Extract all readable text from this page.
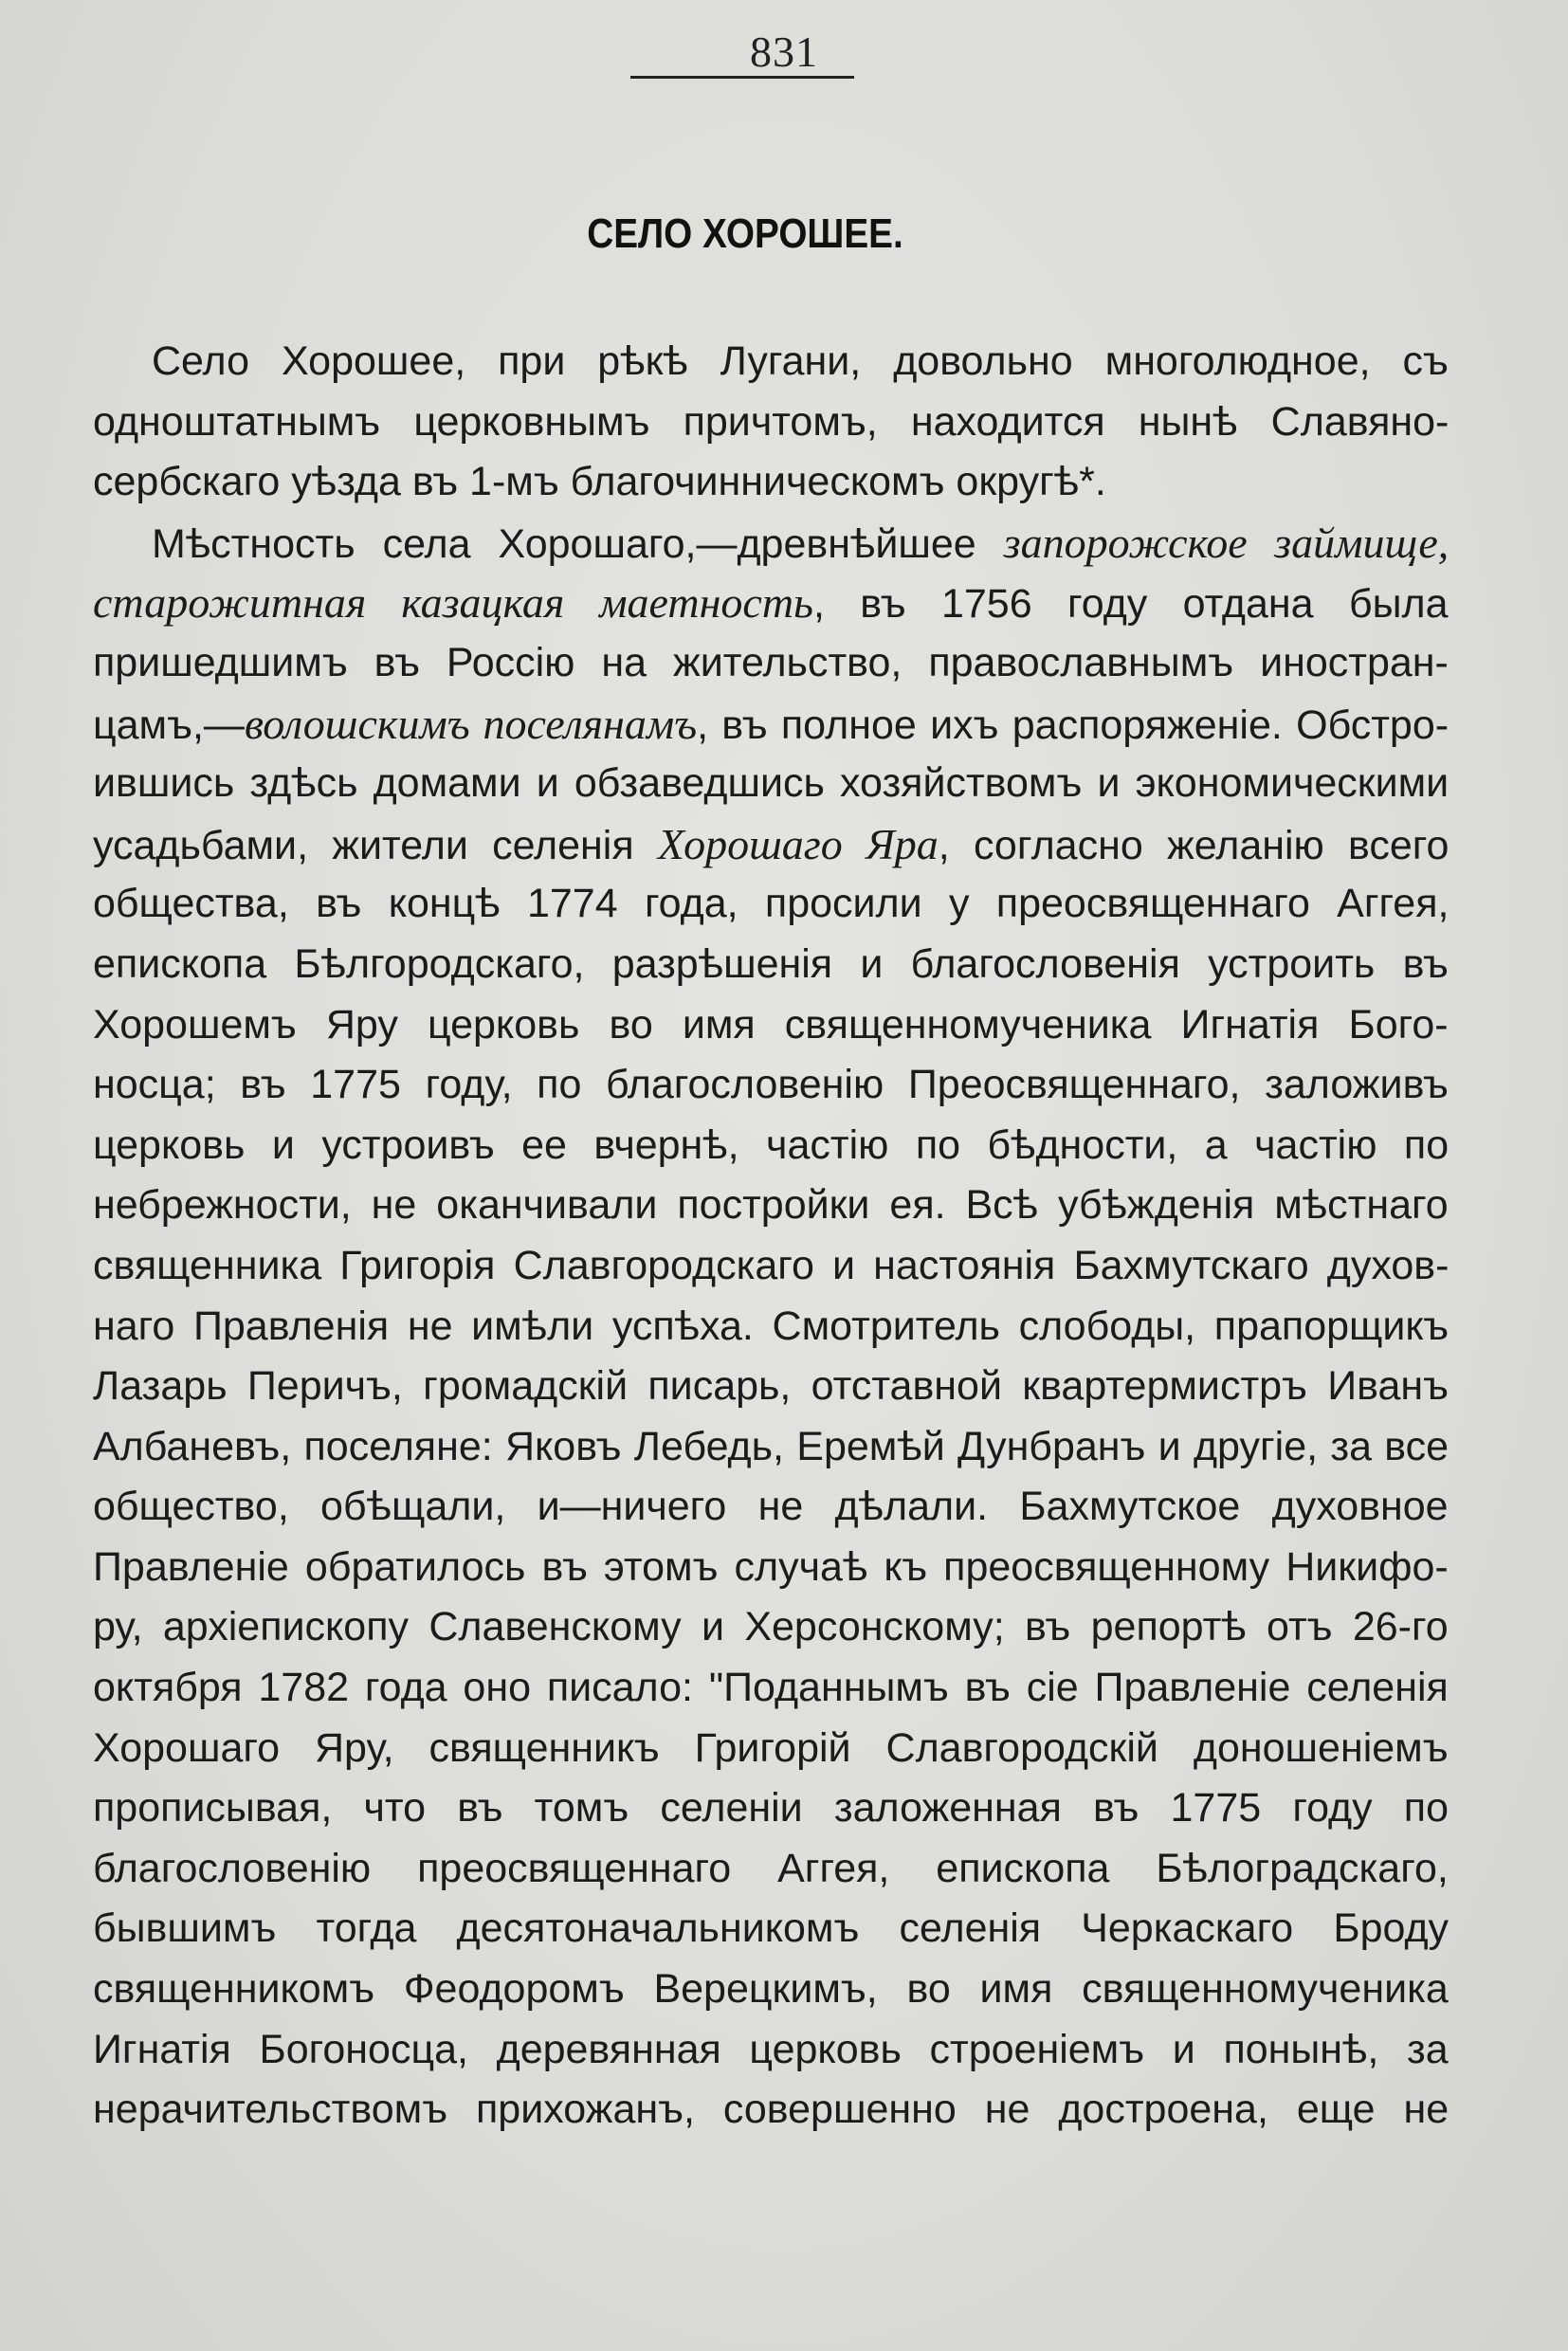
831
СЕЛО ХОРОШЕЕ.
Село Хорошее, при рѣкѣ Лугани, довольно многолюдное, съ
одноштатнымъ церковнымъ причтомъ, находится нынѣ Славяно-
сербскаго уѣзда въ 1-мъ благочинническомъ округѣ*.
Мѣстность села Хорошаго,—древнѣйшее запорожское займище,
старожитная казацкая маетность, въ 1756 году отдана была
пришедшимъ въ Россію на жительство, православнымъ иностран-
цамъ,—волошскимъ поселянамъ, въ полное ихъ распоряженіе. Обстро-
ившись здѣсь домами и обзаведшись хозяйствомъ и экономическими
усадьбами, жители селенія Хорошаго Яра, согласно желанію всего
общества, въ концѣ 1774 года, просили у преосвященнаго Аггея,
епископа Бѣлгородскаго, разрѣшенія и благословенія устроить въ
Хорошемъ Яру церковь во имя священномученика Игнатія Бого-
носца; въ 1775 году, по благословенію Преосвященнаго, заложивъ
церковь и устроивъ ее вчернѣ, частію по бѣдности, а частію по
небрежности, не оканчивали постройки ея. Всѣ убѣжденія мѣстнаго
священника Григорія Славгородскаго и настоянія Бахмутскаго духов-
наго Правленія не имѣли успѣха. Смотритель слободы, прапорщикъ
Лазарь Перичъ, громадскій писарь, отставной квартермистръ Иванъ
Албаневъ, поселяне: Яковъ Лебедь, Еремѣй Дунбранъ и другіе, за все
общество, обѣщали, и—ничего не дѣлали. Бахмутское духовное
Правленіе обратилось въ этомъ случаѣ къ преосвященному Никифо-
ру, архіепископу Славенскому и Херсонскому; въ репортѣ отъ 26-го
октября 1782 года оно писало: "Поданнымъ въ сіе Правленіе селенія
Хорошаго Яру, священникъ Григорій Славгородскій доношеніемъ
прописывая, что въ томъ селеніи заложенная въ 1775 году по
благословенію преосвященнаго Аггея, епископа Бѣлоградскаго,
бывшимъ тогда десятоначальникомъ селенія Черкаскаго Броду
священникомъ Феодоромъ Верецкимъ, во имя священномученика
Игнатія Богоносца, деревянная церковь строеніемъ и понынѣ, за
нерачительствомъ прихожанъ, совершенно не достроена, еще не
